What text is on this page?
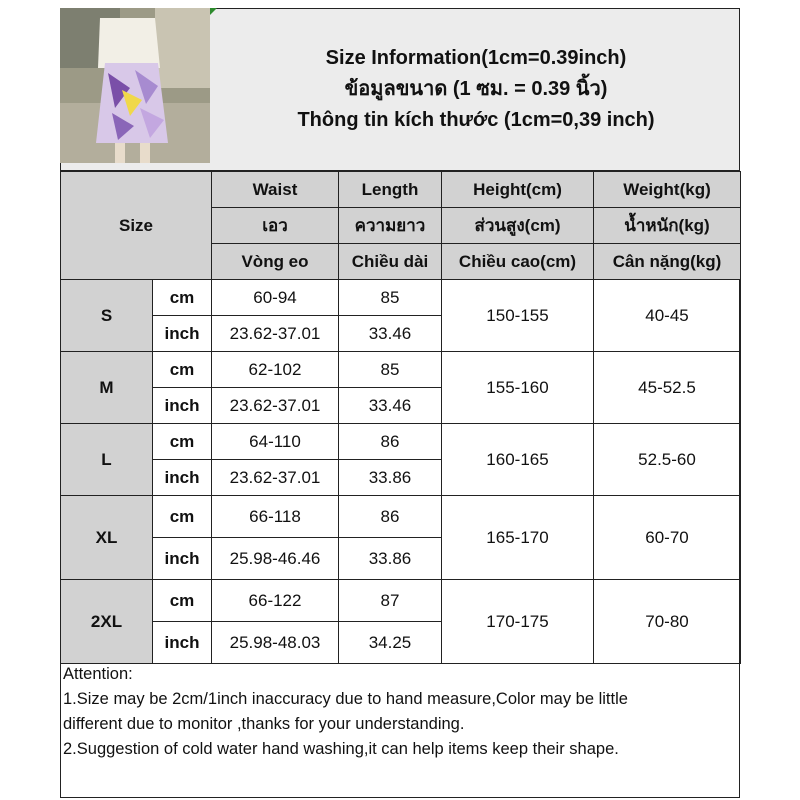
Size Information(1cm=0.39inch)
ข้อมูลขนาด (1 ซม. = 0.39 นิ้ว)
Thông tin kích thước (1cm=0,39 inch)
Size		Waist	Length	Height(cm)	Weight(kg)
		เอว	ความยาว	ส่วนสูง(cm)	น้ำหนัก(kg)
		Vòng eo	Chiều dài	Chiều cao(cm)	Cân nặng(kg)
S	cm	60-94	85	150-155	40-45
	inch	23.62-37.01	33.46		
M	cm	62-102	85	155-160	45-52.5
	inch	23.62-37.01	33.46		
L	cm	64-110	86	160-165	52.5-60
	inch	23.62-37.01	33.86		
XL	cm	66-118	86	165-170	60-70
	inch	25.98-46.46	33.86		
2XL	cm	66-122	87	170-175	70-80
	inch	25.98-48.03	34.25		
Attention:
1.Size may be 2cm/1inch inaccuracy due to hand measure,Color may be little
different due to monitor ,thanks for your understanding.
2.Suggestion of cold water hand washing,it can help items keep their shape.
